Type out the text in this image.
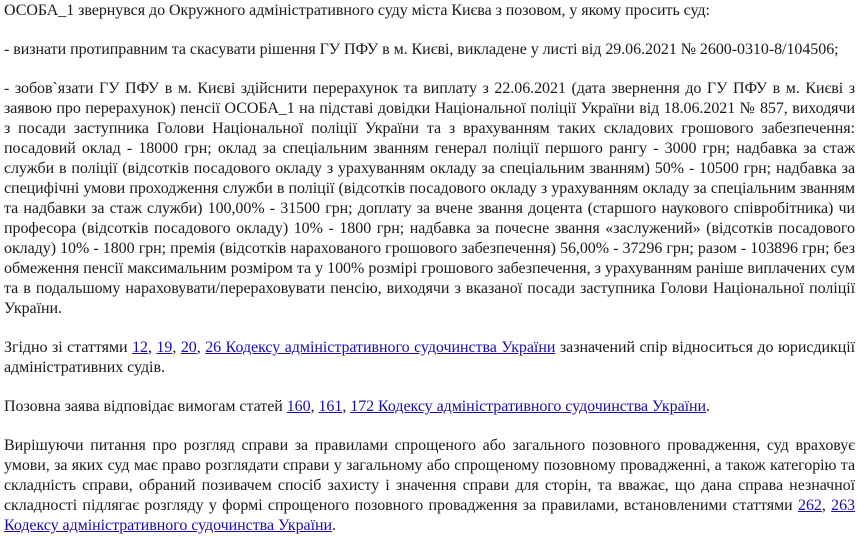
ОСОБА_1 звернувся до Окружного адміністративного суду міста Києва з позовом, у якому просить суд:

- визнати протиправним та скасувати рішення ГУ ПФУ в м. Києві, викладене у листі від 29.06.2021 № 2600-0310-8/104506;

- зобов`язати ГУ ПФУ в м. Києві здійснити перерахунок та виплату з 22.06.2021 (дата звернення до ГУ ПФУ в м. Києві з заявою про перерахунок) пенсії ОСОБА_1 на підставі довідки Національної поліції України від 18.06.2021 № 857, виходячи з посади заступника Голови Національної поліції України та з врахуванням таких складових грошового забезпечення: посадовий оклад - 18000 грн; оклад за спеціальним званням генерал поліції першого рангу - 3000 грн; надбавка за стаж служби в поліції (відсотків посадового окладу з урахуванням окладу за спеціальним званням) 50% - 10500 грн; надбавка за специфічні умови проходження служби в поліції (відсотків посадового окладу з урахуванням окладу за спеціальним званням та надбавки за стаж служби) 100,00% - 31500 грн; доплату за вчене звання доцента (старшого наукового співробітника) чи професора (відсотків посадового окладу) 10% - 1800 грн; надбавка за почесне звання «заслужений» (відсотків посадового окладу) 10% - 1800 грн; премія (відсотків нарахованого грошового забезпечення) 56,00% - 37296 грн; разом - 103896 грн; без обмеження пенсії максимальним розміром та у 100% розмірі грошового забезпечення, з урахуванням раніше виплачених сум та в подальшому нараховувати/перераховувати пенсію, виходячи з вказаної посади заступника Голови Національної поліції України.

Згідно зі статтями 12, 19, 20, 26 Кодексу адміністративного судочинства України зазначений спір відноситься до юрисдикції адміністративних судів.

Позовна заява відповідає вимогам статей 160, 161, 172 Кодексу адміністративного судочинства України.

Вирішуючи питання про розгляд справи за правилами спрощеного або загального позовного провадження, суд враховує умови, за яких суд має право розглядати справи у загальному або спрощеному позовному провадженні, а також категорію та складність справи, обраний позивачем спосіб захисту і значення справи для сторін, та вважає, що дана справа незначної складності підлягає розгляду у формі спрощеного позовного провадження за правилами, встановленими статтями 262, 263 Кодексу адміністративного судочинства України.
